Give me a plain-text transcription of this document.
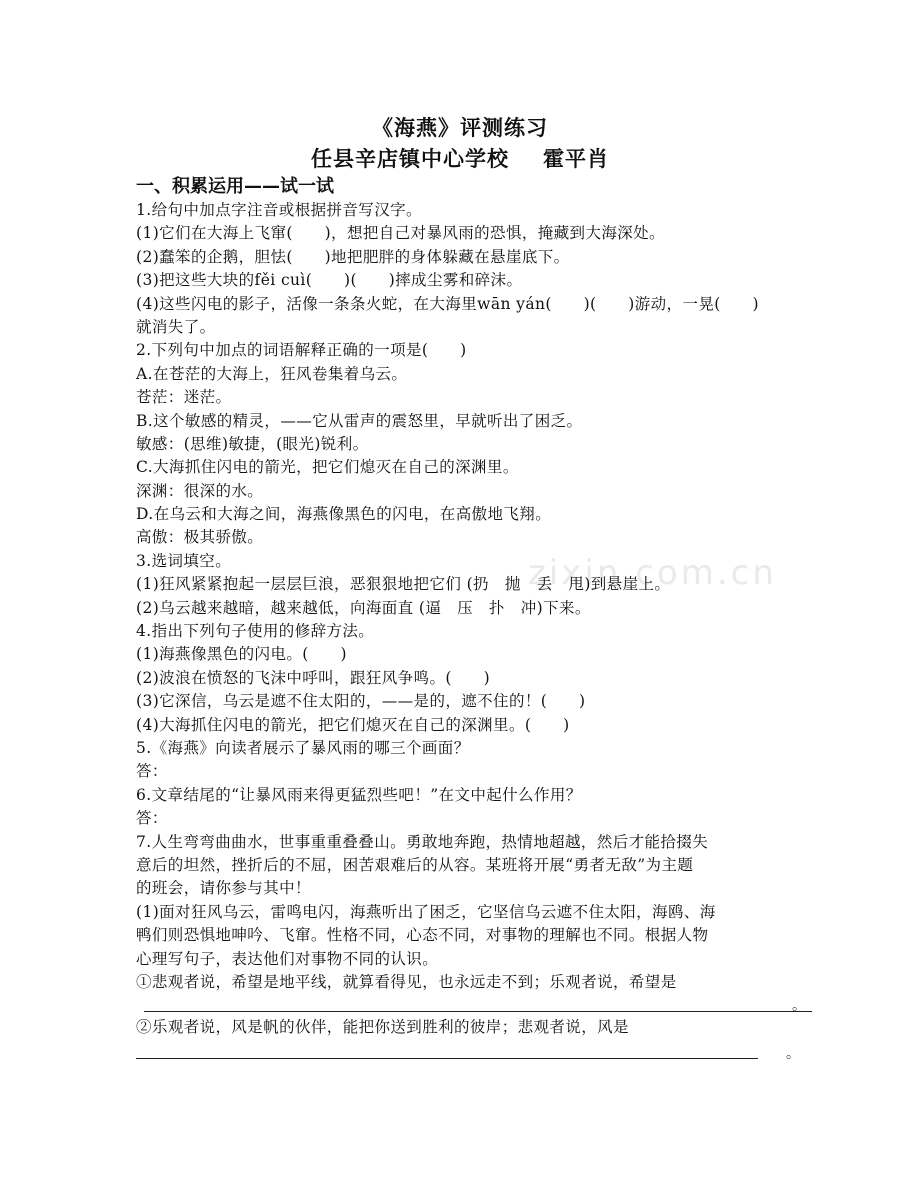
zixin.com.cn
《海燕》评测练习
任县辛店镇中心学校 霍平肖
一、积累运用——试一试
1.给句中加点字注音或根据拼音写汉字。
(1)它们在大海上飞窜(　　)，想把自己对暴风雨的恐惧，掩藏到大海深处。
(2)蠢笨的企鹅，胆怯(　　)地把肥胖的身体躲藏在悬崖底下。
(3)把这些大块的fěi cuì(　　)(　　)摔成尘雾和碎沫。
(4)这些闪电的影子，活像一条条火蛇，在大海里wān yán(　　)(　　)游动，一晃(　　)
就消失了。
2.下列句中加点的词语解释正确的一项是(　　)
A.在苍茫的大海上，狂风卷集着乌云。
苍茫：迷茫。
B.这个敏感的精灵，——它从雷声的震怒里，早就听出了困乏。
敏感：(思维)敏捷，(眼光)锐利。
C.大海抓住闪电的箭光，把它们熄灭在自己的深渊里。
深渊：很深的水。
D.在乌云和大海之间，海燕像黑色的闪电，在高傲地飞翔。
高傲：极其骄傲。
3.选词填空。
(1)狂风紧紧抱起一层层巨浪，恶狠狠地把它们 (扔　抛　丢　甩)到悬崖上。
(2)乌云越来越暗，越来越低，向海面直 (逼　压　扑　冲)下来。
4.指出下列句子使用的修辞方法。
(1)海燕像黑色的闪电。(　　)
(2)波浪在愤怒的飞沫中呼叫，跟狂风争鸣。(　　)
(3)它深信，乌云是遮不住太阳的，——是的，遮不住的！(　　)
(4)大海抓住闪电的箭光，把它们熄灭在自己的深渊里。(　　)
5.《海燕》向读者展示了暴风雨的哪三个画面？
答：
6.文章结尾的“让暴风雨来得更猛烈些吧！”在文中起什么作用？
答：
7.人生弯弯曲曲水，世事重重叠叠山。勇敢地奔跑，热情地超越，然后才能拾掇失
意后的坦然，挫折后的不屈，困苦艰难后的从容。某班将开展“勇者无敌”为主题
的班会，请你参与其中！
(1)面对狂风乌云，雷鸣电闪，海燕听出了困乏，它坚信乌云遮不住太阳，海鸥、海
鸭们则恐惧地呻吟、飞窜。性格不同，心态不同，对事物的理解也不同。根据人物
心理写句子，表达他们对事物不同的认识。
①悲观者说，希望是地平线，就算看得见，也永远走不到；乐观者说，希望是
。
②乐观者说，风是帆的伙伴，能把你送到胜利的彼岸；悲观者说，风是
。
